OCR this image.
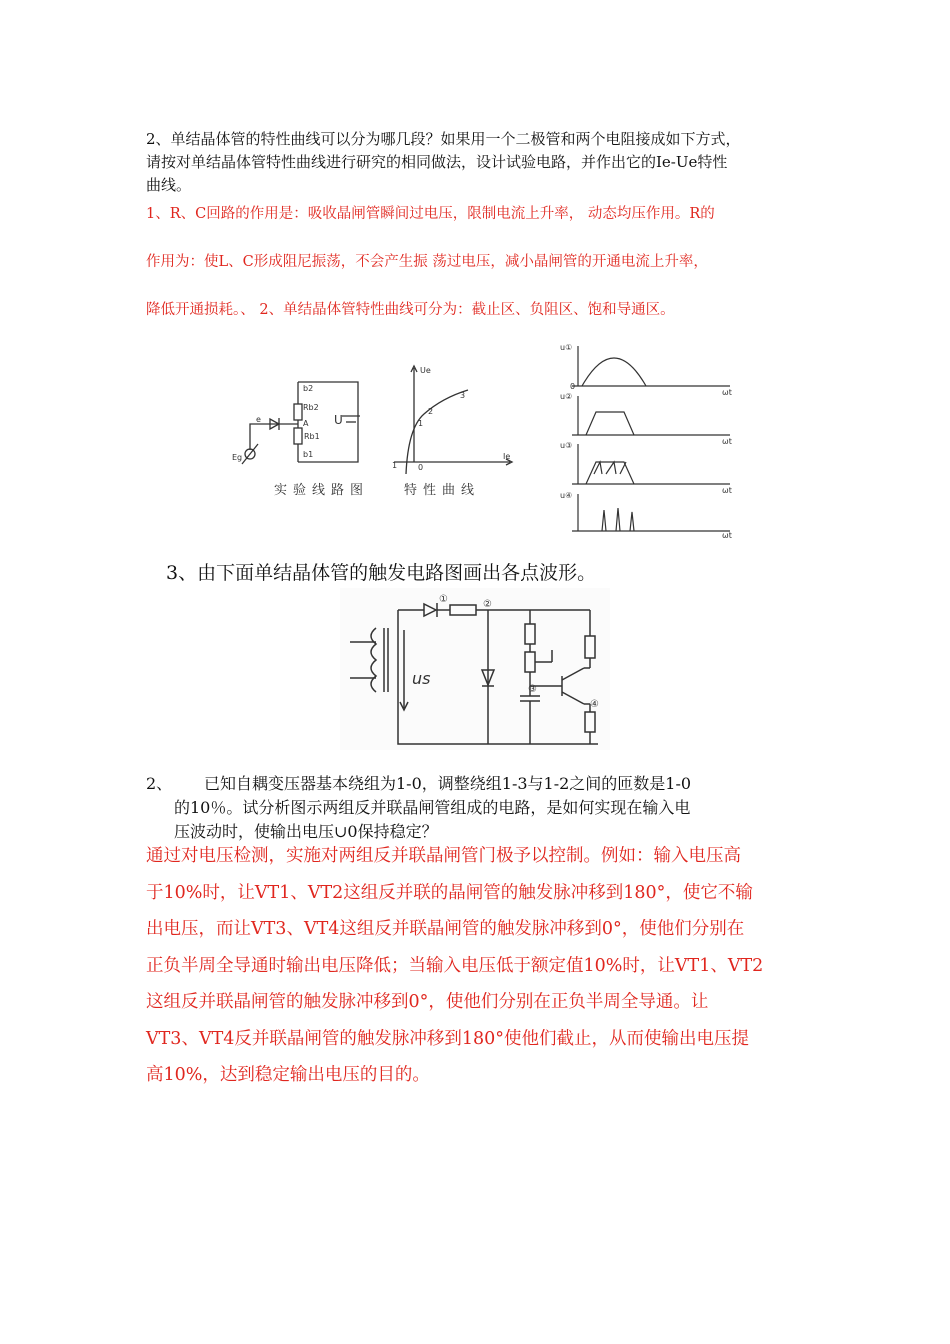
2、单结晶体管的特性曲线可以分为哪几段？如果用一个二极管和两个电阻接成如下方式，
请按对单结晶体管特性曲线进行研究的相同做法，设计试验电路，并作出它的Ie-Ue特性
曲线。
1、R、C回路的作用是：吸收晶闸管瞬间过电压，限制电流上升率， 动态均压作用。R的
作用为：使L、C形成阻尼振荡，不会产生振 荡过电压，减小晶闸管的开通电流上升率，
降低开通损耗。、 2、单结晶体管特性曲线可分为：截止区、负阻区、饱和导通区。
b2
Rb2
A
Rb1
b1
U
e
Eg
实验线路图
Ue
Ie
1
2
3
1	0
特性曲线
u①
u②
u③
u④
ωt
ωt
ωt
ωt
0
3、由下面单结晶体管的触发电路图画出各点波形。
①	②
③
④
us
2、 已知自耦变压器基本绕组为1-0，调整绕组1-3与1-2之间的匝数是1-0
的10％。试分析图示两组反并联晶闸管组成的电路，是如何实现在输入电
压波动时，使输出电压∪0保持稳定？
通过对电压检测，实施对两组反并联晶闸管门极予以控制。例如：输入电压高
于10%时，让VT1、VT2这组反并联的晶闸管的触发脉冲移到180°，使它不输
出电压，而让VT3、VT4这组反并联晶闸管的触发脉冲移到0°，使他们分别在
正负半周全导通时输出电压降低；当输入电压低于额定值10%时，让VT1、VT2
这组反并联晶闸管的触发脉冲移到0°，使他们分别在正负半周全导通。让
VT3、VT4反并联晶闸管的触发脉冲移到180°使他们截止，从而使输出电压提
高10%，达到稳定输出电压的目的。
